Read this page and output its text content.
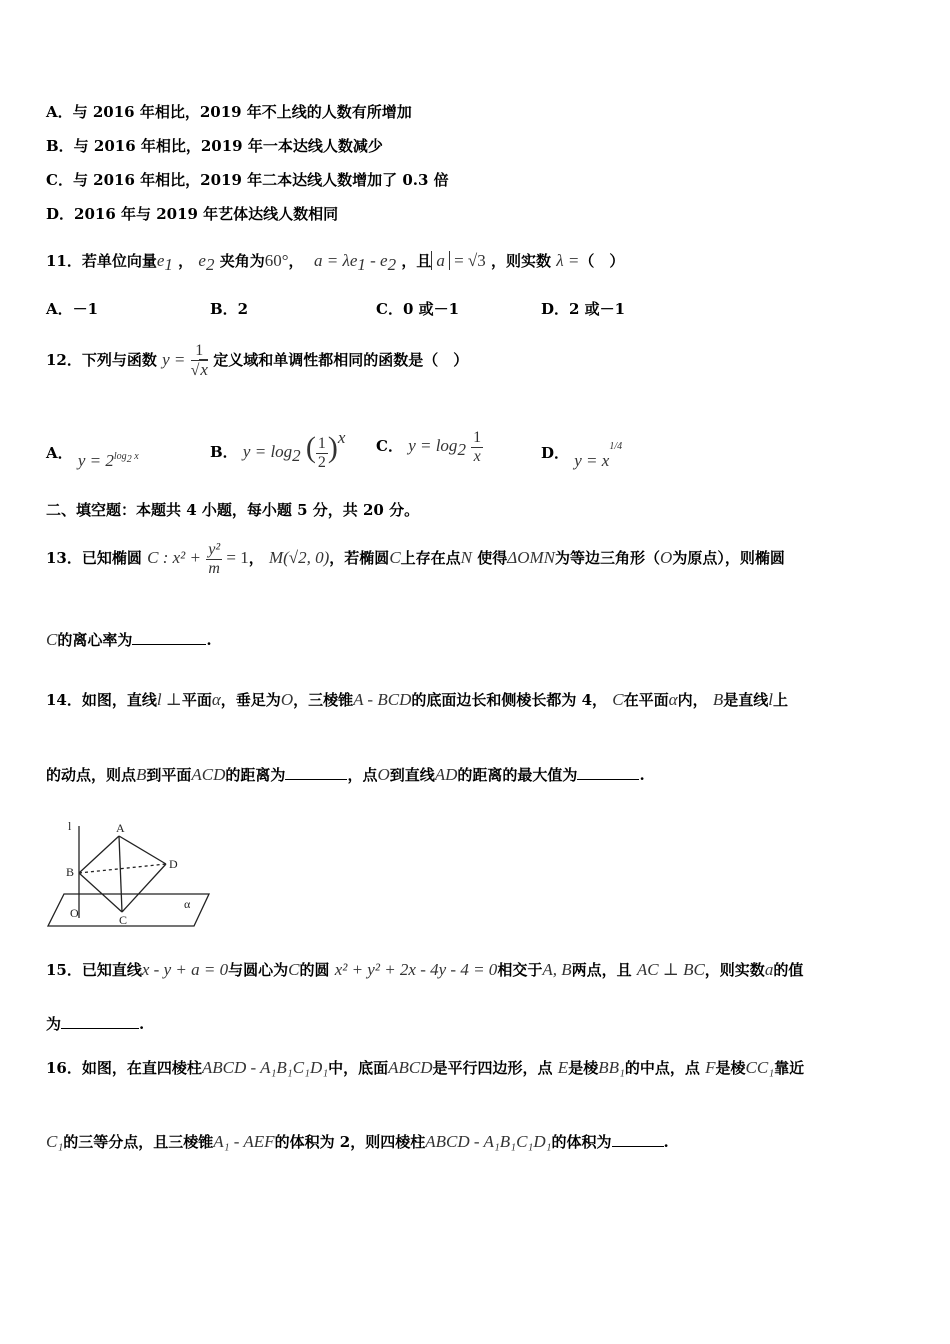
A．与 2016 年相比，2019 年不上线的人数有所增加
B．与 2016 年相比，2019 年一本达线人数减少
C．与 2016 年相比，2019 年二本达线人数增加了 0.3 倍
D．2016 年与 2019 年艺体达线人数相同
11．若单位向量$e_1$ ， $e_2$ 夹角为60°， $a = \lambda e_1 - e_2$ ，且 a = √3 ，则实数 λ =（　）
A．－1	B．2	C．0 或－1	D．2 或－1
12．下列与函数 $y = \frac{1}{√x}$ 定义域和单调性都相同的函数是（　）
A． $y = 2^{log_2 x}$	B． $y = \log_2$ ( $\frac{1}{2} )^x$ C． $y = \log_2 \frac{1}{x}$	D． $y = x^{1/4}$
二、填空题：本题共 4 小题，每小题 5 分，共 20 分。
13．已知椭圆 C : $x^2 + \frac{\text{y²}}{m} = 1$， M(√2, 0)，若椭圆C上存在点N 使得ΔOMN为等边三角形（O为原点），则椭圆
C的离心率为	.
14．如图，直线l ⊥平面α，垂足为O，三棱锥A - BCD的底面边长和侧棱长都为 4， C在平面α内， B是直线l上
的动点，则点B到平面ACD的距离为	，点O到直线AD的距离的最大值为	.
l	A
B
D
O	C
α
15．已知直线x - y + a = 0与圆心为C的圆 x² + y² + 2x - 4y - 4 = 0相交于A, B两点，且 AC ⊥ BC，则实数a的值
为	.
16．如图，在直四棱柱ABCD - A₁B₁C₁D₁中，底面ABCD是平行四边形，点 E是棱BB₁的中点，点 F是棱CC₁靠近
C₁的三等分点，且三棱锥A₁ - AEF的体积为 2，则四棱柱ABCD - A₁B₁C₁D₁的体积为	.
